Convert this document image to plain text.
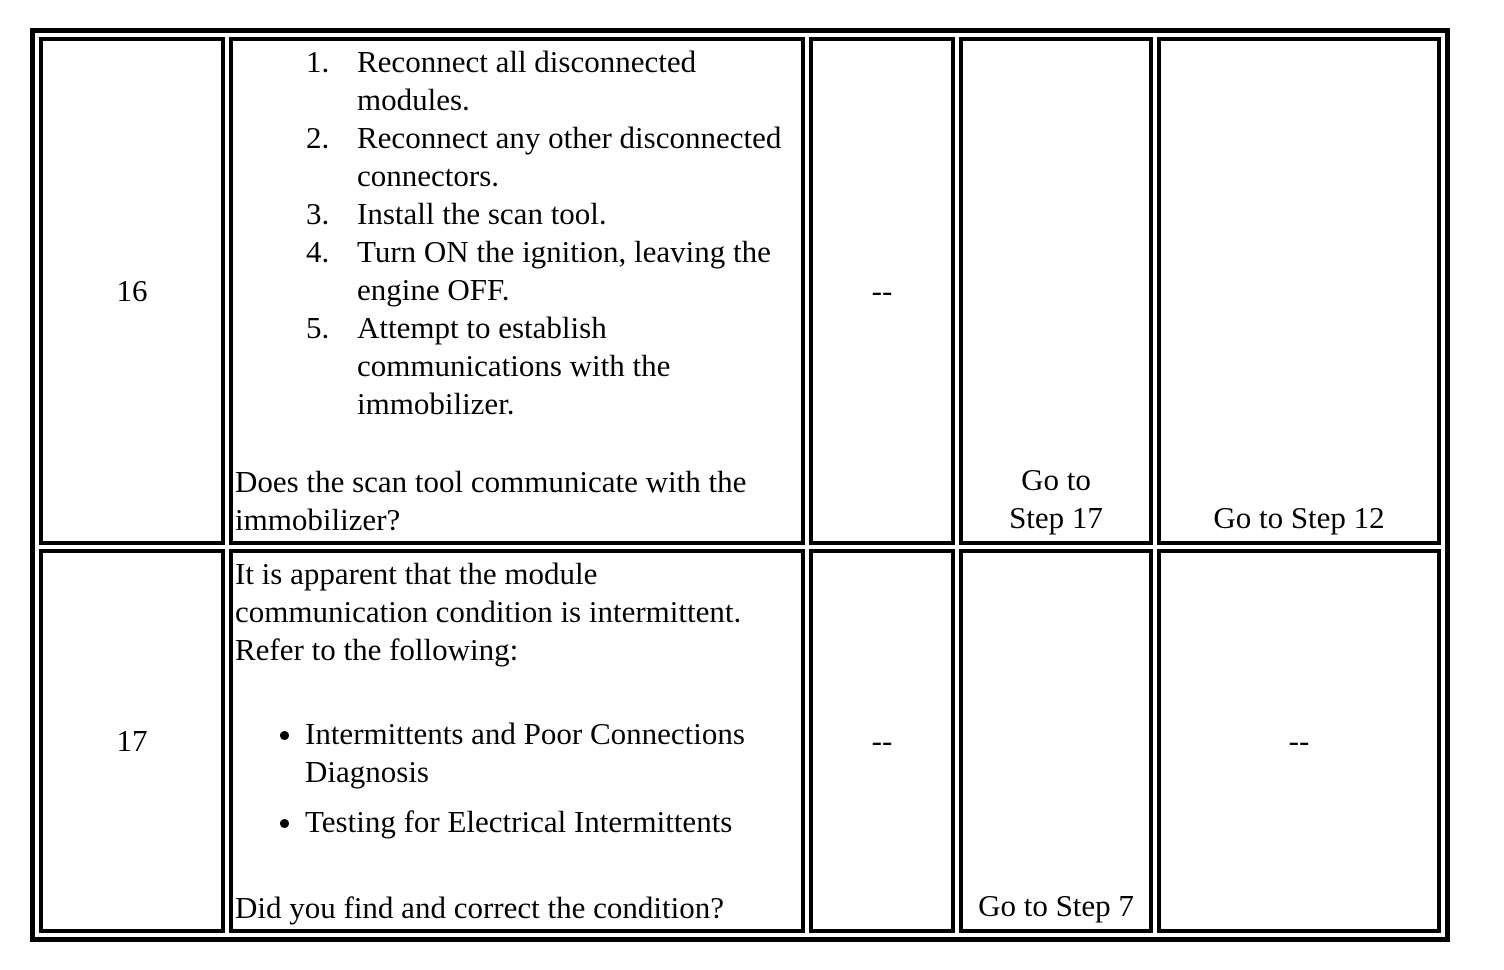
16
1. Reconnect all disconnected modules.
2. Reconnect any other disconnected connectors.
3. Install the scan tool.
4. Turn ON the ignition, leaving the engine OFF.
5. Attempt to establish communications with the immobilizer.
Does the scan tool communicate with the immobilizer?
--
Go to Step 17	Go to Step 12
17

It is apparent that the module communication condition is intermittent. Refer to the following:

• Intermittents and Poor Connections Diagnosis
• Testing for Electrical Intermittents
Did you find and correct the condition?
--
Go to Step 7
--
